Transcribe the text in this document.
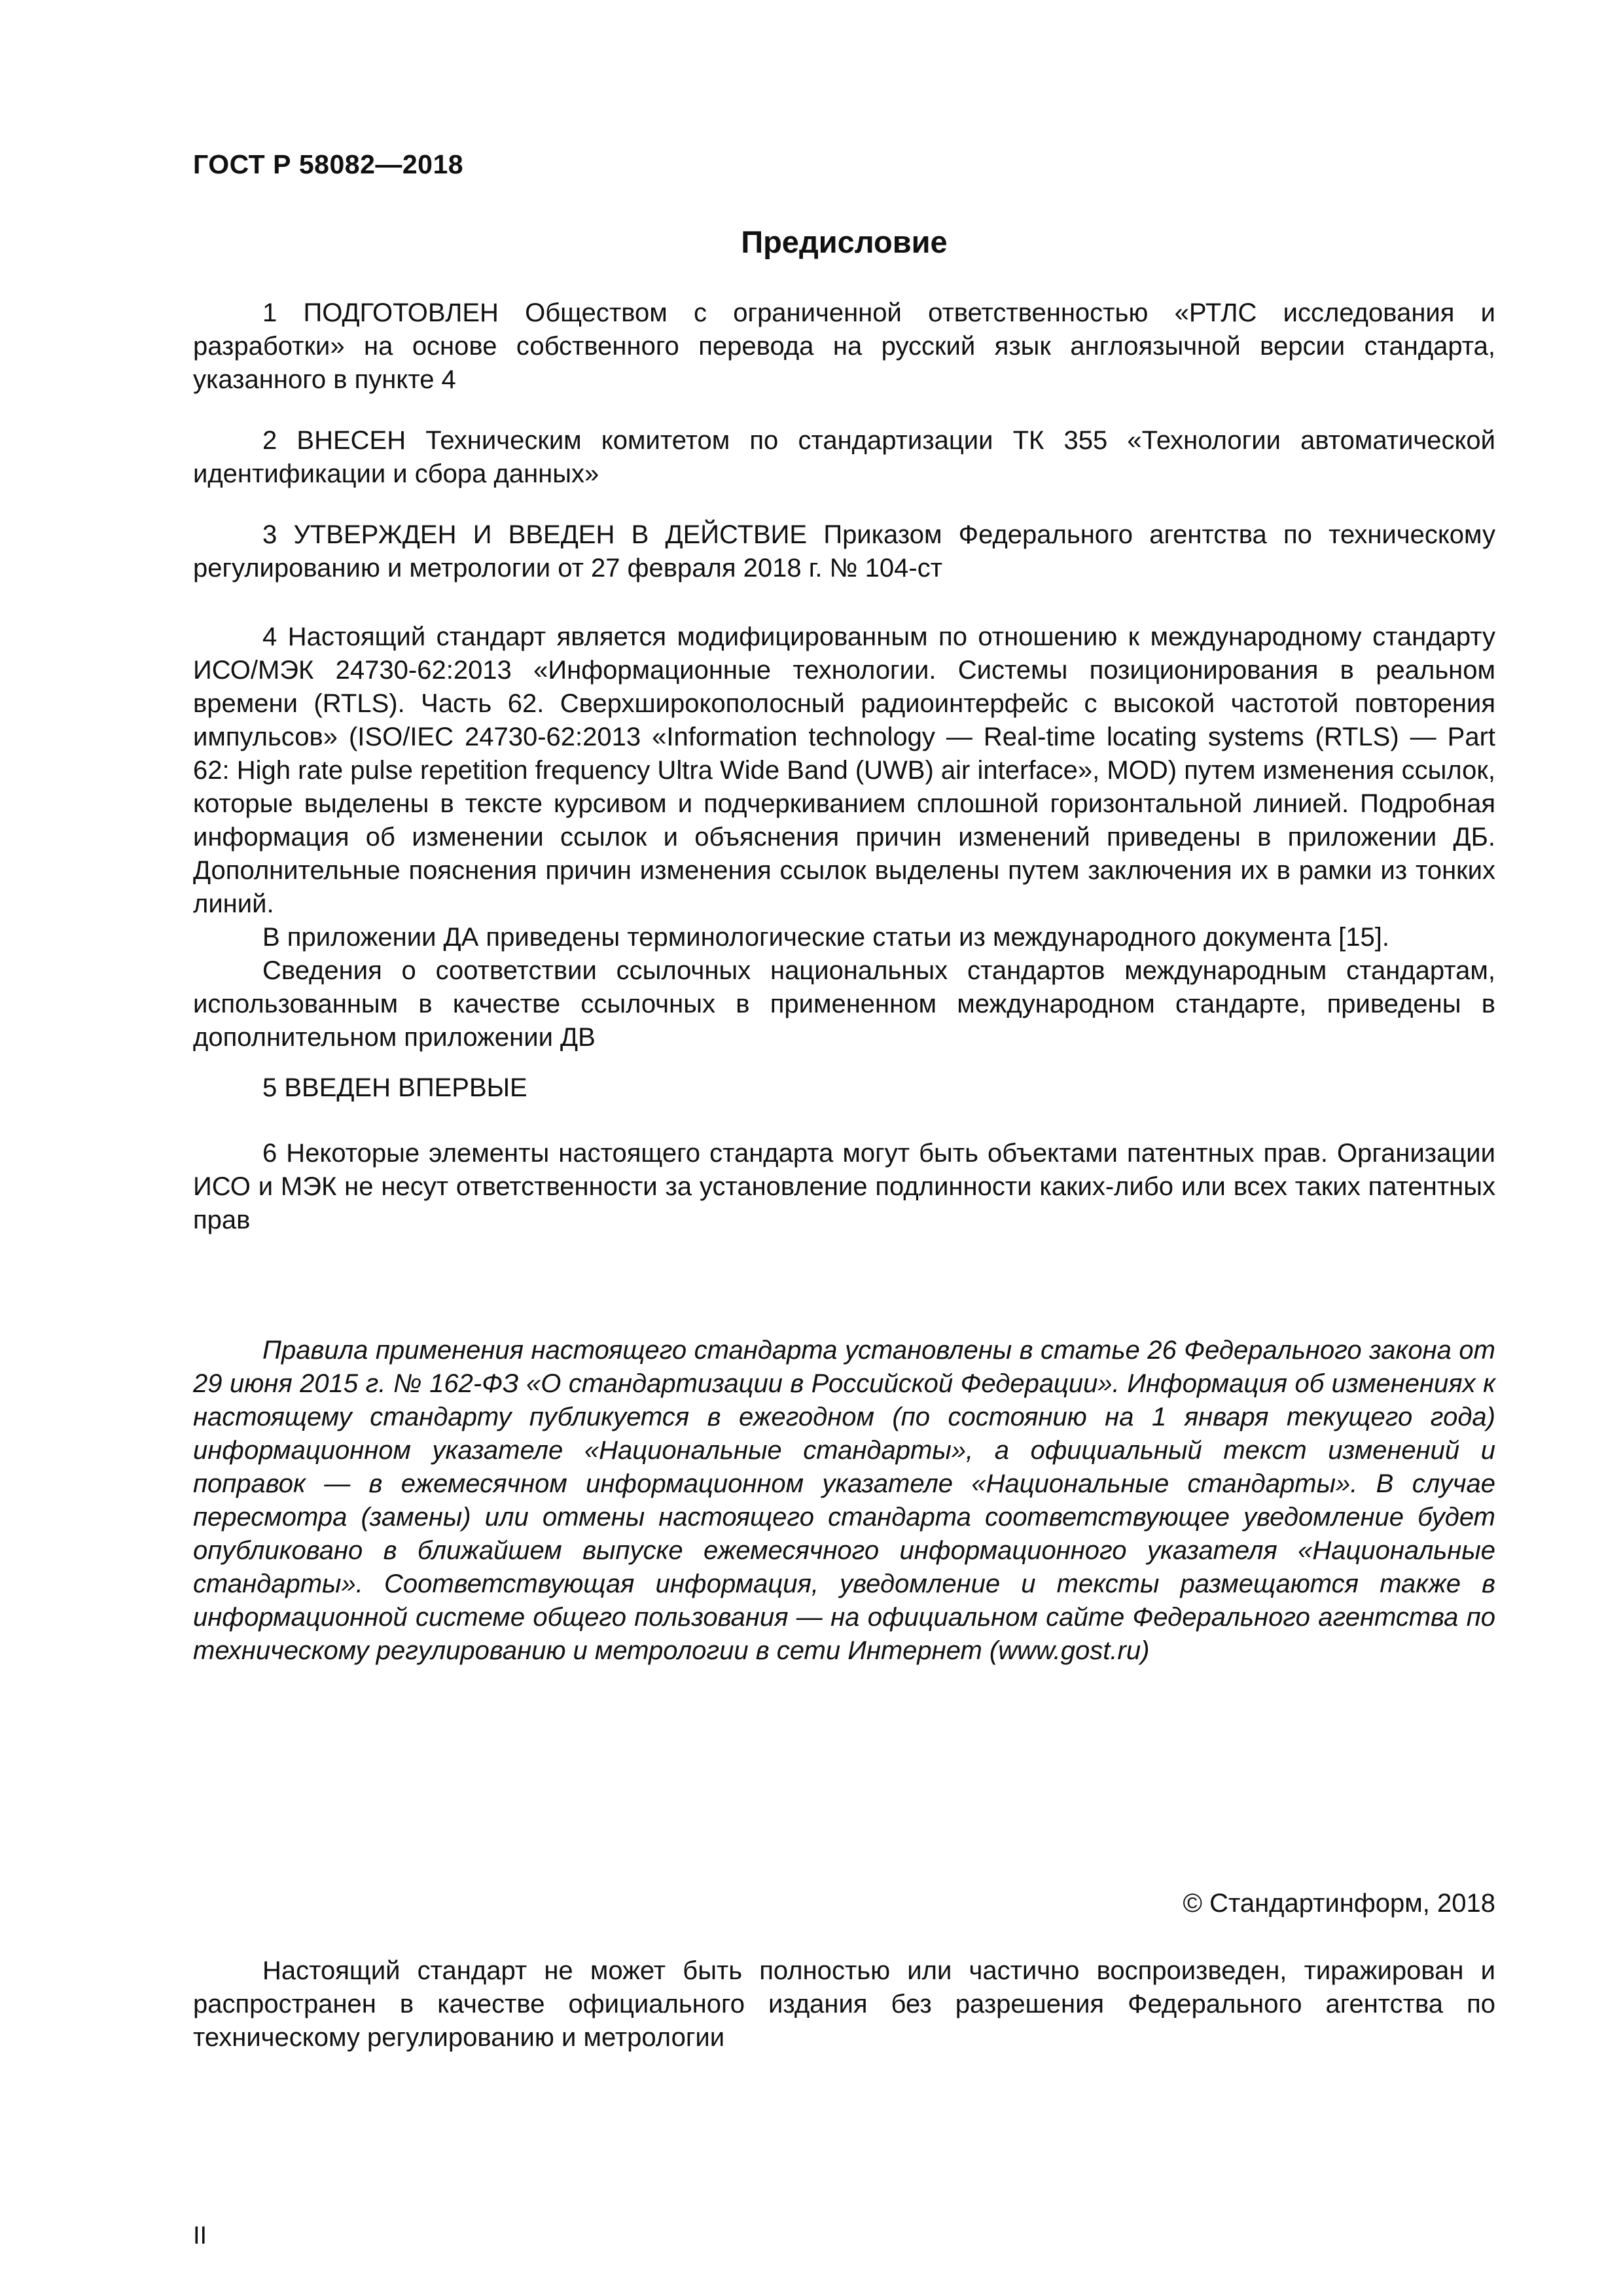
ГОСТ Р 58082—2018
Предисловие

1 ПОДГОТОВЛЕН Обществом с ограниченной ответственностью «РТЛС исследования и разработки» на основе собственного перевода на русский язык англоязычной версии стандарта, указанного в пункте 4

2 ВНЕСЕН Техническим комитетом по стандартизации ТК 355 «Технологии автоматической идентификации и сбора данных»

3 УТВЕРЖДЕН И ВВЕДЕН В ДЕЙСТВИЕ Приказом Федерального агентства по техническому регулированию и метрологии от 27 февраля 2018 г. № 104-ст

4 Настоящий стандарт является модифицированным по отношению к международному стандарту ИСО/МЭК 24730-62:2013 «Информационные технологии. Системы позиционирования в реальном времени (RTLS). Часть 62. Сверхширокополосный радиоинтерфейс с высокой частотой повторения импульсов» (ISO/IEC 24730-62:2013 «Information technology — Real-time locating systems (RTLS) — Part 62: High rate pulse repetition frequency Ultra Wide Band (UWB) air interface», MOD) путем изменения ссылок, которые выделены в тексте курсивом и подчеркиванием сплошной горизонтальной линией. Подробная информация об изменении ссылок и объяснения причин изменений приведены в приложении ДБ. Дополнительные пояснения причин изменения ссылок выделены путем заключения их в рамки из тонких линий.

В приложении ДА приведены терминологические статьи из международного документа [15].

Сведения о соответствии ссылочных национальных стандартов международным стандартам, использованным в качестве ссылочных в примененном международном стандарте, приведены в дополнительном приложении ДВ

5 ВВЕДЕН ВПЕРВЫЕ

6 Некоторые элементы настоящего стандарта могут быть объектами патентных прав. Организации ИСО и МЭК не несут ответственности за установление подлинности каких-либо или всех таких патентных прав

Правила применения настоящего стандарта установлены в статье 26 Федерального закона от 29 июня 2015 г. № 162-ФЗ «О стандартизации в Российской Федерации». Информация об изменениях к настоящему стандарту публикуется в ежегодном (по состоянию на 1 января текущего года) информационном указателе «Национальные стандарты», а официальный текст изменений и поправок — в ежемесячном информационном указателе «Национальные стандарты». В случае пересмотра (замены) или отмены настоящего стандарта соответствующее уведомление будет опубликовано в ближайшем выпуске ежемесячного информационного указателя «Национальные стандарты». Соответствующая информация, уведомление и тексты размещаются также в информационной системе общего пользования — на официальном сайте Федерального агентства по техническому регулированию и метрологии в сети Интернет (www.gost.ru)

© Стандартинформ, 2018

Настоящий стандарт не может быть полностью или частично воспроизведен, тиражирован и распространен в качестве официального издания без разрешения Федерального агентства по техническому регулированию и метрологии

II
